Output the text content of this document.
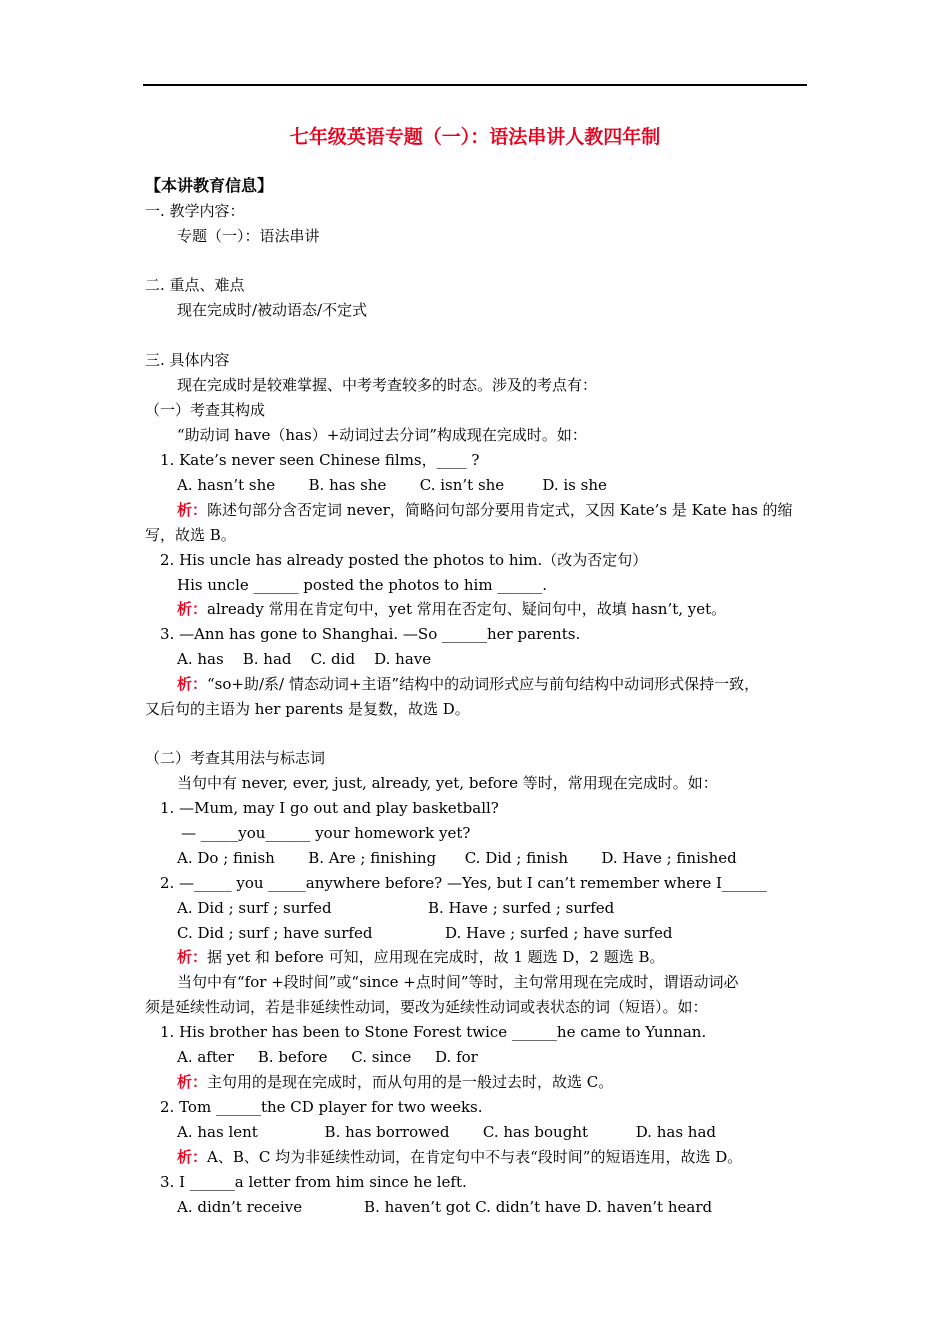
七年级英语专题（一）：语法串讲人教四年制
【本讲教育信息】
一. 教学内容：
专题（一）：语法串讲
二. 重点、难点
现在完成时/被动语态/不定式
三. 具体内容
现在完成时是较难掌握、中考考查较多的时态。涉及的考点有：
（一）考查其构成
“助动词 have（has）+动词过去分词”构成现在完成时。如：
1. Kate’s never seen Chinese films，____ ?
A. hasn’t she       B. has she       C. isn’t she        D. is she
析：陈述句部分含否定词 never，简略问句部分要用肯定式，又因 Kate’s 是 Kate has 的缩
写，故选 B。
2. His uncle has already posted the photos to him.（改为否定句）
His uncle ______ posted the photos to him ______.
析：already 常用在肯定句中，yet 常用在否定句、疑问句中，故填 hasn’t, yet。
3. —Ann has gone to Shanghai. —So ______her parents.
A. has    B. had    C. did    D. have
析：“so+助/系/ 情态动词+主语”结构中的动词形式应与前句结构中动词形式保持一致，
又后句的主语为 her parents 是复数，故选 D。
（二）考查其用法与标志词
当句中有 never, ever, just, already, yet, before 等时，常用现在完成时。如：
1. —Mum, may I go out and play basketball?
— _____you______ your homework yet?
A. Do ; finish       B. Are ; finishing      C. Did ; finish       D. Have ; finished
2. —_____ you _____anywhere before? —Yes, but I can’t remember where I______
A. Did ; surf ; surfed	B. Have ; surfed ; surfed
C. Did ; surf ; have surfed	D. Have ; surfed ; have surfed
析：据 yet 和 before 可知，应用现在完成时，故 1 题选 D，2 题选 B。
当句中有“for +段时间”或“since +点时间”等时，主句常用现在完成时，谓语动词必
须是延续性动词，若是非延续性动词，要改为延续性动词或表状态的词（短语）。如：
1. His brother has been to Stone Forest twice ______he came to Yunnan.
A. after     B. before     C. since     D. for
析：主句用的是现在完成时，而从句用的是一般过去时，故选 C。
2. Tom ______the CD player for two weeks.
A. has lent              B. has borrowed       C. has bought          D. has had
析：A、B、C 均为非延续性动词，在肯定句中不与表“段时间”的短语连用，故选 D。
3. I ______a letter from him since he left.
A. didn’t receive             B. haven’t got C. didn’t have D. haven’t heard
